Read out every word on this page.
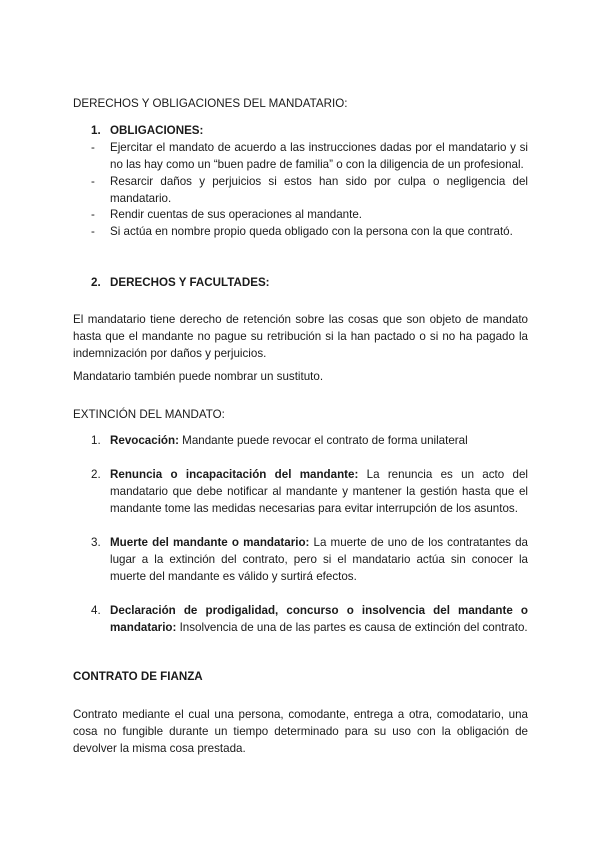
DERECHOS Y OBLIGACIONES DEL MANDATARIO:

1. OBLIGACIONES:
- Ejercitar el mandato de acuerdo a las instrucciones dadas por el mandatario y si no las hay como un “buen padre de familia” o con la diligencia de un profesional.
- Resarcir daños y perjuicios si estos han sido por culpa o negligencia del mandatario.
- Rendir cuentas de sus operaciones al mandante.
- Si actúa en nombre propio queda obligado con la persona con la que contrató.
2. DERECHOS Y FACULTADES:

El mandatario tiene derecho de retención sobre las cosas que son objeto de mandato hasta que el mandante no pague su retribución si la han pactado o si no ha pagado la indemnización por daños y perjuicios.

Mandatario también puede nombrar un sustituto.

EXTINCIÓN DEL MANDATO:

1. Revocación: Mandante puede revocar el contrato de forma unilateral
2. Renuncia o incapacitación del mandante: La renuncia es un acto del mandatario que debe notificar al mandante y mantener la gestión hasta que el mandante tome las medidas necesarias para evitar interrupción de los asuntos.
3. Muerte del mandante o mandatario: La muerte de uno de los contratantes da lugar a la extinción del contrato, pero si el mandatario actúa sin conocer la muerte del mandante es válido y surtirá efectos.
4. Declaración de prodigalidad, concurso o insolvencia del mandante o mandatario: Insolvencia de una de las partes es causa de extinción del contrato.

CONTRATO DE FIANZA

Contrato mediante el cual una persona, comodante, entrega a otra, comodatario, una cosa no fungible durante un tiempo determinado para su uso con la obligación de devolver la misma cosa prestada.
